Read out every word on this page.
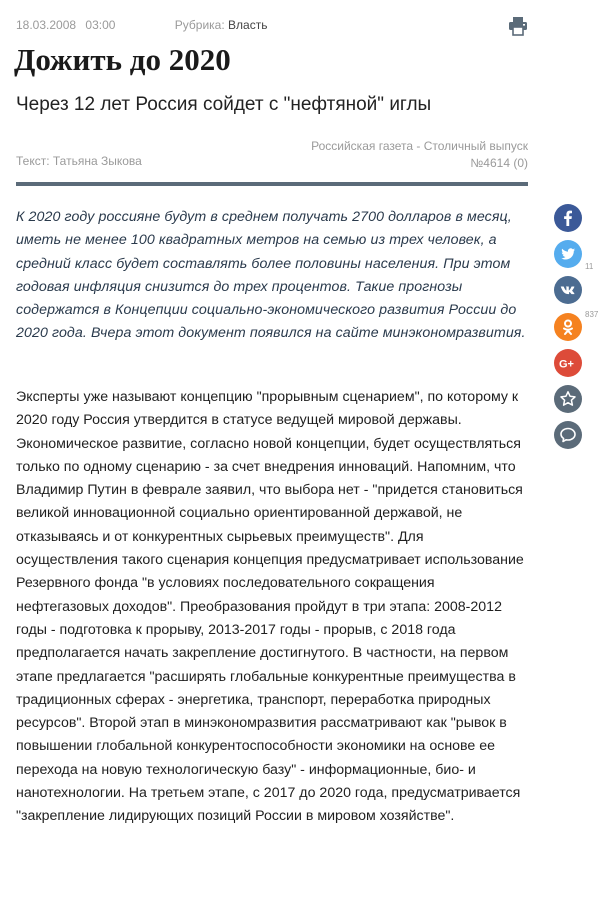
18.03.2008 03:00	Рубрика: Власть
Дожить до 2020
Через 12 лет Россия сойдет с "нефтяной" иглы
Российская газета - Столичный выпуск
№4614 (0)
Текст: Татьяна Зыкова

К 2020 году россияне будут в среднем получать 2700 долларов в месяц, иметь не менее 100 квадратных метров на семью из трех человек, а средний класс будет составлять более половины населения. При этом годовая инфляция снизится до трех процентов. Такие прогнозы содержатся в Концепции социально-экономического развития России до 2020 года. Вчера этот документ появился на сайте минэкономразвития.

Эксперты уже называют концепцию "прорывным сценарием", по которому к 2020 году Россия утвердится в статусе ведущей мировой державы. Экономическое развитие, согласно новой концепции, будет осуществляться только по одному сценарию - за счет внедрения инноваций. Напомним, что Владимир Путин в феврале заявил, что выбора нет - "придется становиться великой инновационной социально ориентированной державой, не отказываясь и от конкурентных сырьевых преимуществ". Для осуществления такого сценария концепция предусматривает использование Резервного фонда "в условиях последовательного сокращения нефтегазовых доходов". Преобразования пройдут в три этапа: 2008-2012 годы - подготовка к прорыву, 2013-2017 годы - прорыв, с 2018 года предполагается начать закрепление достигнутого. В частности, на первом этапе предлагается "расширять глобальные конкурентные преимущества в традиционных сферах - энергетика, транспорт, переработка природных ресурсов". Второй этап в минэкономразвития рассматривают как "рывок в повышении глобальной конкурентоспособности экономики на основе ее перехода на новую технологическую базу" - информационные, био- и нанотехнологии. На третьем этапе, с 2017 до 2020 года, предусматривается "закрепление лидирующих позиций России в мировом хозяйстве".

11
837
G+
